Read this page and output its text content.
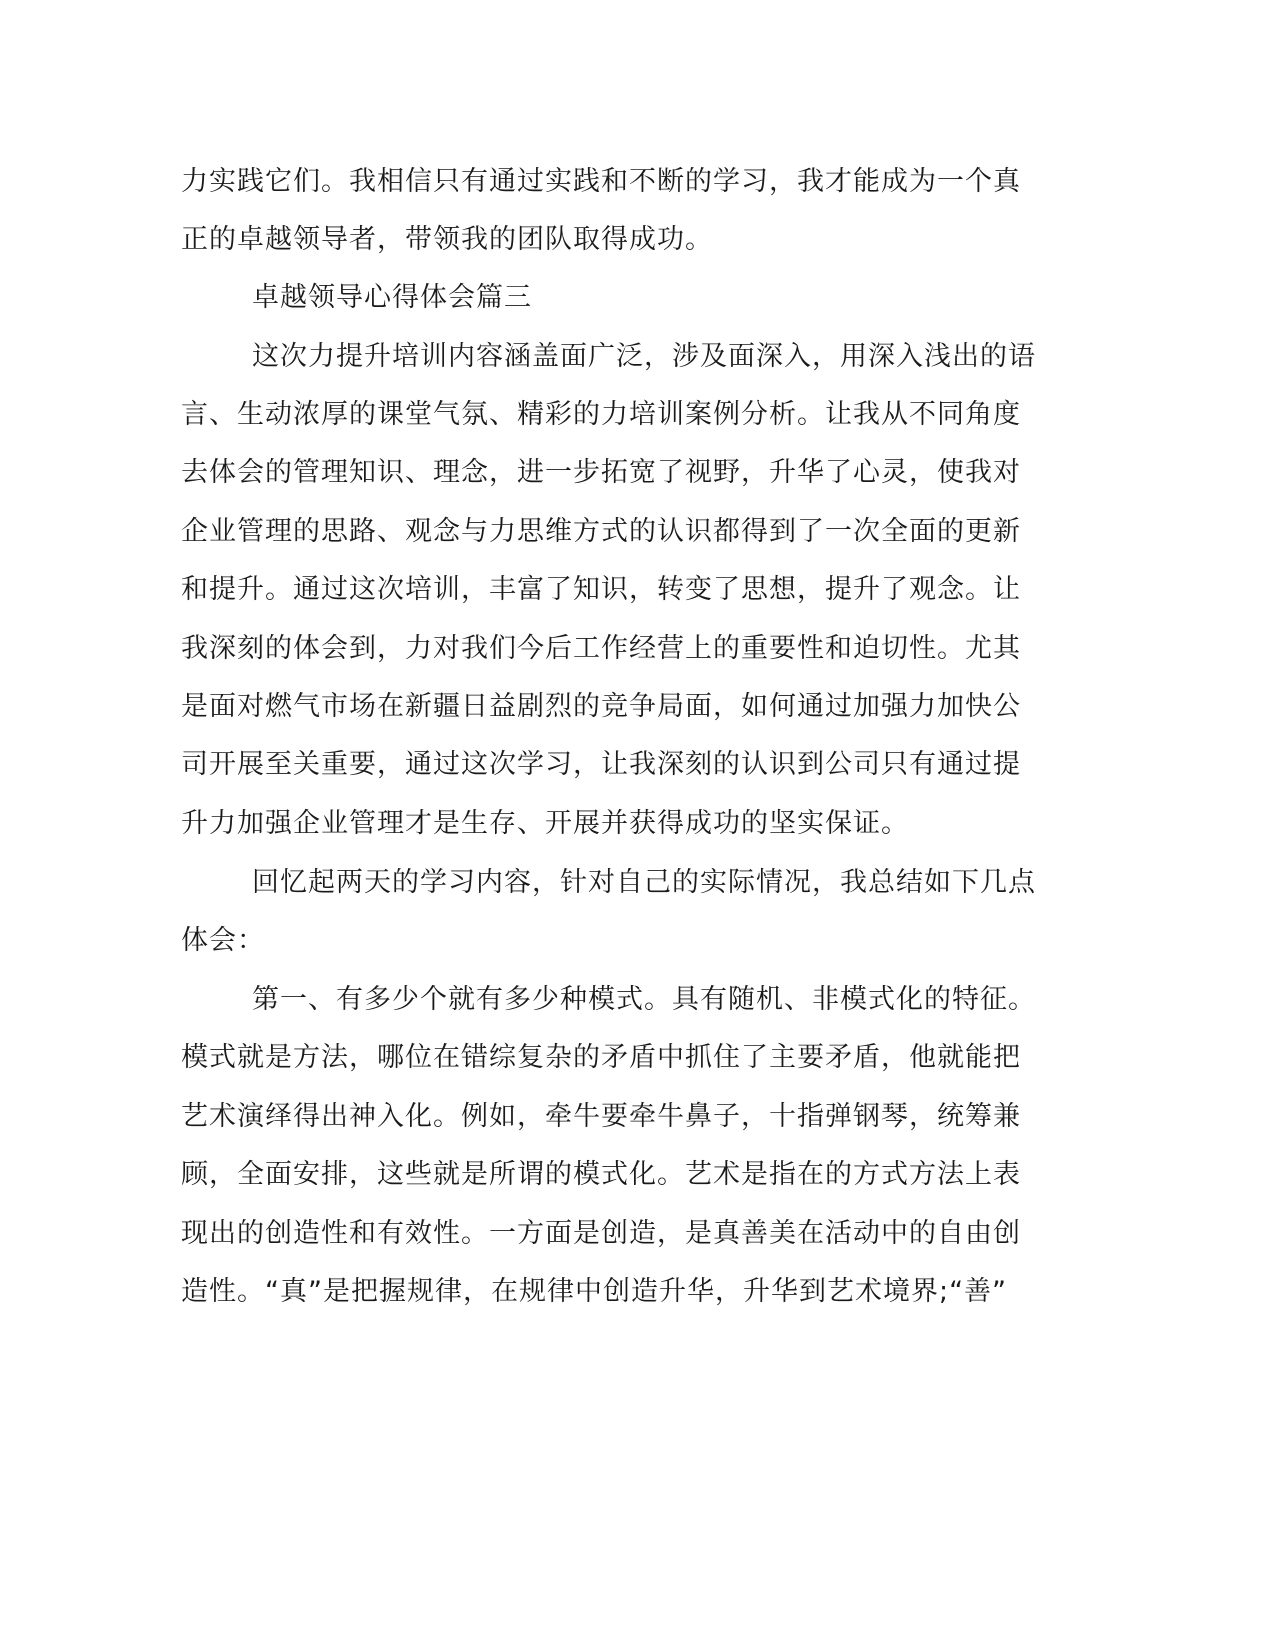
力实践它们。我相信只有通过实践和不断的学习，我才能成为一个真
正的卓越领导者，带领我的团队取得成功。
卓越领导心得体会篇三
这次力提升培训内容涵盖面广泛，涉及面深入，用深入浅出的语
言、生动浓厚的课堂气氛、精彩的力培训案例分析。让我从不同角度
去体会的管理知识、理念，进一步拓宽了视野，升华了心灵，使我对
企业管理的思路、观念与力思维方式的认识都得到了一次全面的更新
和提升。通过这次培训，丰富了知识，转变了思想，提升了观念。让
我深刻的体会到，力对我们今后工作经营上的重要性和迫切性。尤其
是面对燃气市场在新疆日益剧烈的竞争局面，如何通过加强力加快公
司开展至关重要，通过这次学习，让我深刻的认识到公司只有通过提
升力加强企业管理才是生存、开展并获得成功的坚实保证。
回忆起两天的学习内容，针对自己的实际情况，我总结如下几点
体会：
第一、有多少个就有多少种模式。具有随机、非模式化的特征。
模式就是方法，哪位在错综复杂的矛盾中抓住了主要矛盾，他就能把
艺术演绎得出神入化。例如，牵牛要牵牛鼻子，十指弹钢琴，统筹兼
顾，全面安排，这些就是所谓的模式化。艺术是指在的方式方法上表
现出的创造性和有效性。一方面是创造，是真善美在活动中的自由创
造性。“真”是把握规律，在规律中创造升华，升华到艺术境界;“善”
